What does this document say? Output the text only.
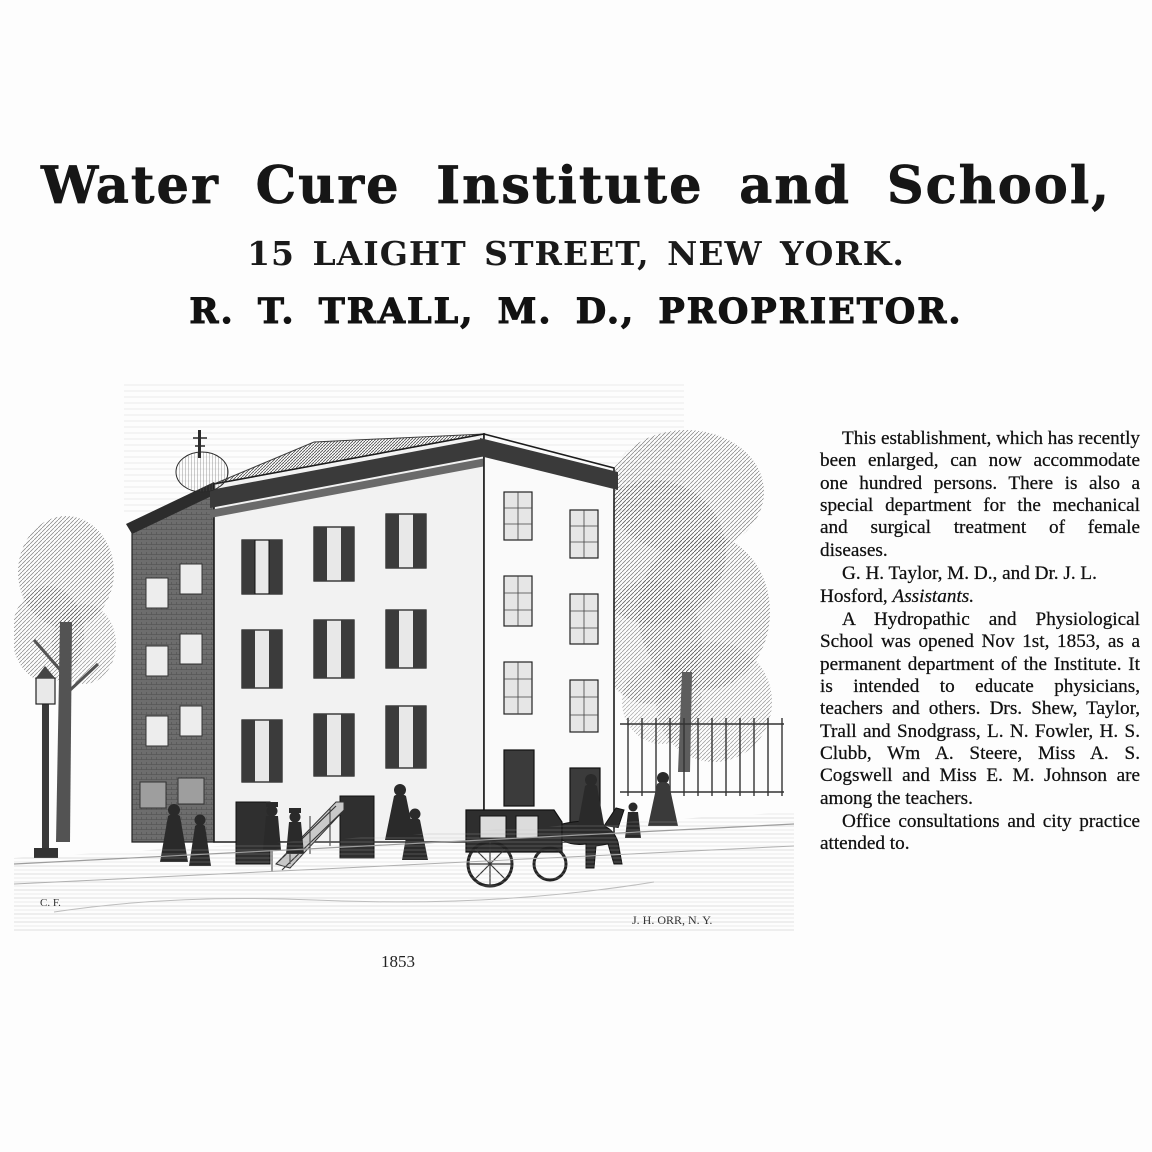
Water Cure Institute and School,
15 LAIGHT STREET, NEW YORK.
R. T. TRALL, M. D., PROPRIETOR.
C. F.
J. H. ORR, N. Y.
1853

This establishment, which has recently been enlarged, can now accommodate one hundred persons. There is also a special department for the mechanical and surgical treatment of female diseases.

G. H. Taylor, M. D., and Dr. J. L. Hosford, Assistants.

A Hydropathic and Physiological School was opened Nov 1st, 1853, as a permanent department of the Institute. It is intended to educate physicians, teachers and others. Drs. Shew, Taylor, Trall and Snodgrass, L. N. Fowler, H. S. Clubb, Wm A. Steere, Miss A. S. Cogswell and Miss E. M. Johnson are among the teachers.

Office consultations and city practice attended to.
